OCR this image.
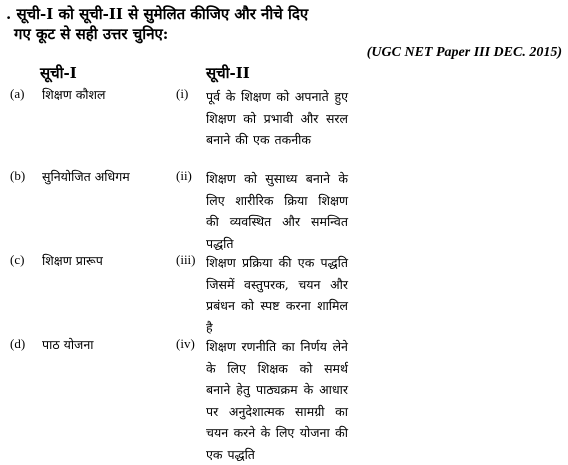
. सूची-I को सूची-II से सुमेलित कीजिए और नीचे दिए
गए कूट से सही उत्तर चुनिए:
(UGC NET Paper III DEC. 2015)
सूची-I	सूची-II
(a) शिक्षण कौशल	(i) पूर्व के शिक्षण को अपनाते हुए शिक्षण को प्रभावी और सरल बनाने की एक तकनीक
(b) सुनियोजित अधिगम	(ii) शिक्षण को सुसाध्य बनाने के लिए शारीरिक क्रिया शिक्षण की व्यवस्थित और समन्वित पद्धति
(c) शिक्षण प्रारूप	(iii) शिक्षण प्रक्रिया की एक पद्धति जिसमें वस्तुपरक, चयन और प्रबंधन को स्पष्ट करना शामिल है
(d) पाठ योजना	(iv) शिक्षण रणनीति का निर्णय लेने के लिए शिक्षक को समर्थ बनाने हेतु पाठ्यक्रम के आधार पर अनुदेशात्मक सामग्री का चयन करने के लिए योजना की एक पद्धति
